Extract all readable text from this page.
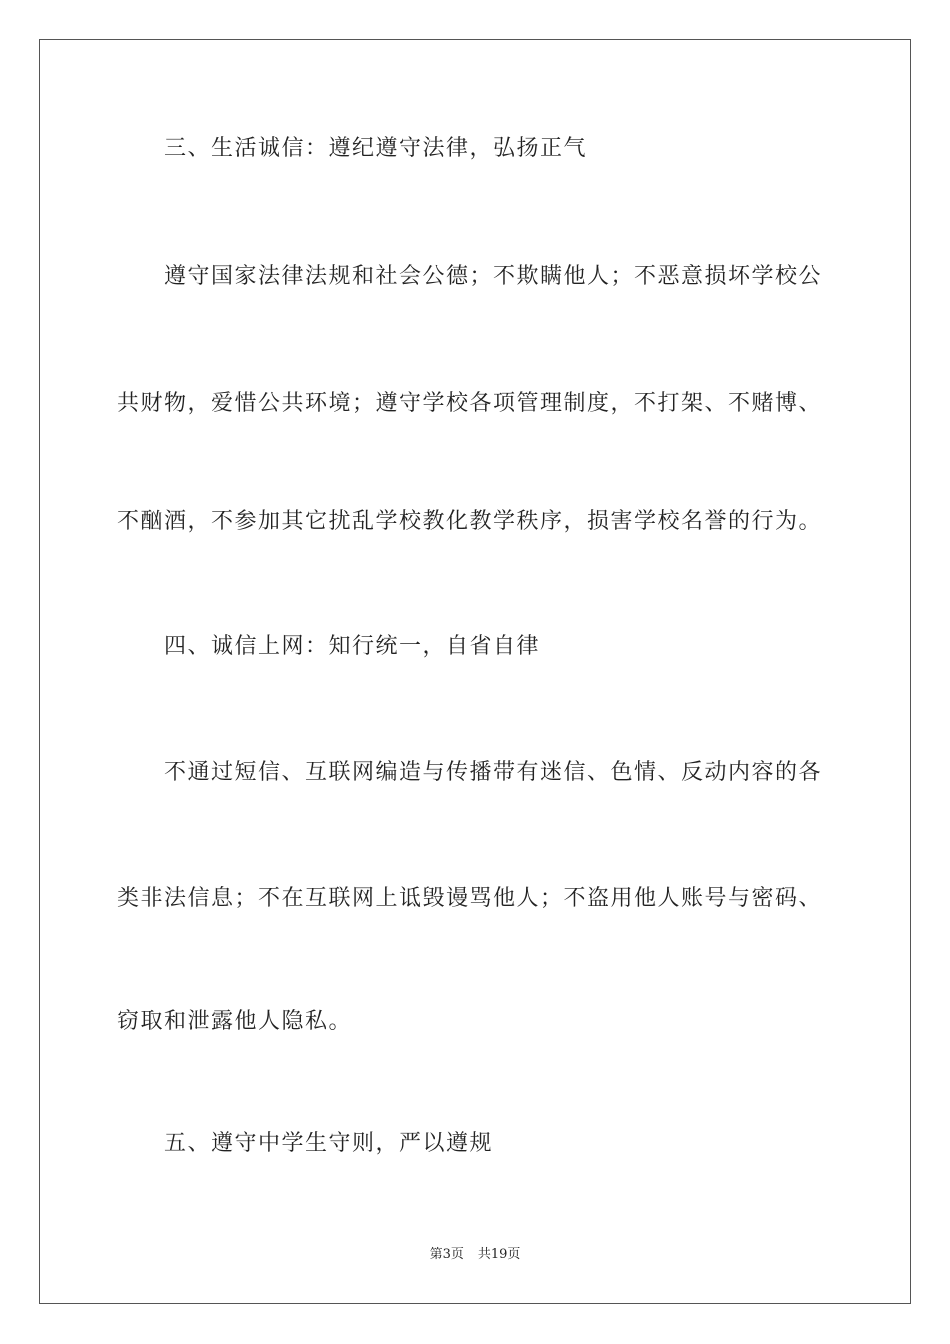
三、生活诚信：遵纪遵守法律，弘扬正气
遵守国家法律法规和社会公德；不欺瞒他人；不恶意损坏学校公
共财物，爱惜公共环境；遵守学校各项管理制度，不打架、不赌博、
不酗酒，不参加其它扰乱学校教化教学秩序，损害学校名誉的行为。
四、诚信上网：知行统一，自省自律
不通过短信、互联网编造与传播带有迷信、色情、反动内容的各
类非法信息；不在互联网上诋毁谩骂他人；不盗用他人账号与密码、
窃取和泄露他人隐私。
五、遵守中学生守则，严以遵规
第3页 共19页
